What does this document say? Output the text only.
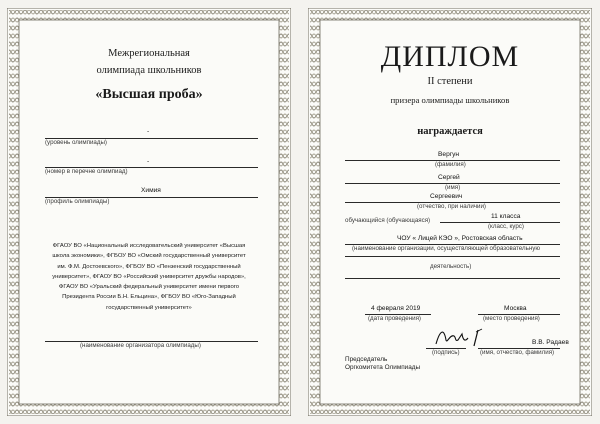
Межрегиональная
олимпиада школьников
«Высшая проба»
-
(уровень олимпиады)
-
(номер в перечне олимпиад)
Химия
(профиль олимпиады)
ФГАОУ ВО «Национальный исследовательский университет «Высшая
школа экономики», ФГБОУ ВО «Омский государственный университет
им. Ф.М. Достоевского», ФГБОУ ВО «Пензенский государственный
университет», ФГАОУ ВО «Российский университет дружбы народов»,
ФГАОУ ВО «Уральский федеральный университет имени первого
Президента России Б.Н. Ельцина», ФГБОУ ВО «Юго-Западный
государственный университет»
(наименование организатора олимпиады)
ДИПЛОМ
II степени
призера олимпиады школьников
награждается
Вергун
(фамилия)
Сергей
(имя)
Сергеевич
(отчество, при наличии)
обучающийся (обучающаяся)
11 класса
(класс, курс)
ЧОУ « Лицей КЭО », Ростовская область
(наименование организации, осуществляющей образовательную
деятельность)
4 февраля 2019
(дата проведения)
Москва
(место проведения)
Председатель
Оргкомитета Олимпиады
(подпись)
В.В. Радаев
(имя, отчество, фамилия)
